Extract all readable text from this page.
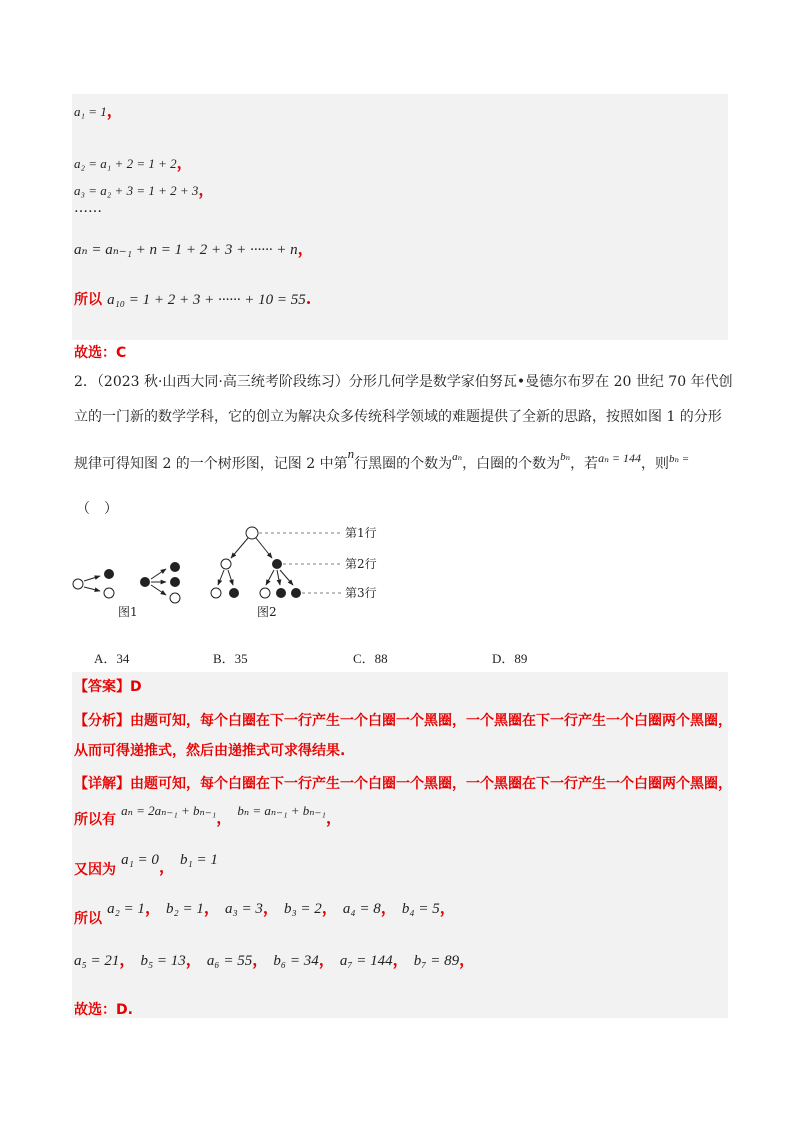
a₁ = 1，
a₂ = a₁ + 2 = 1 + 2，
a₃ = a₂ + 3 = 1 + 2 + 3，
……
aₙ = aₙ₋₁ + n = 1 + 2 + 3 + ······ + n，
所以 a₁₀ = 1 + 2 + 3 + ······ + 10 = 55.
故选：C
2．（2023 秋·山西大同·高三统考阶段练习）分形几何学是数学家伯努瓦•曼德尔布罗在 20 世纪 70 年代创
立的一门新的数学学科，它的创立为解决众多传统科学领域的难题提供了全新的思路，按照如图 1 的分形
规律可得知图 2 的一个树形图，记图 2 中第n行黑圈的个数为$^{a_n}$，白圈的个数为$^{b_n}$，若aₙ = 144，则$^{b_n =}$
（　）
图1
第1行
第2行
第3行
图2
A．34	B．35	C．88	D．89
【答案】D
【分析】由题可知，每个白圈在下一行产生一个白圈一个黑圈，一个黑圈在下一行产生一个白圈两个黑圈，
从而可得递推式，然后由递推式可求得结果.
【详解】由题可知，每个白圈在下一行产生一个白圈一个黑圈，一个黑圈在下一行产生一个白圈两个黑圈，
所以有 aₙ = 2aₙ₋₁ + bₙ₋₁， bₙ = aₙ₋₁ + bₙ₋₁，
又因为 a₁ = 0， b₁ = 1
所以 a₂ = 1， b₂ = 1， a₃ = 3， b₃ = 2， a₄ = 8， b₄ = 5，
a₅ = 21， b₅ = 13， a₆ = 55， b₆ = 34， a₇ = 144， b₇ = 89，
故选：D.
